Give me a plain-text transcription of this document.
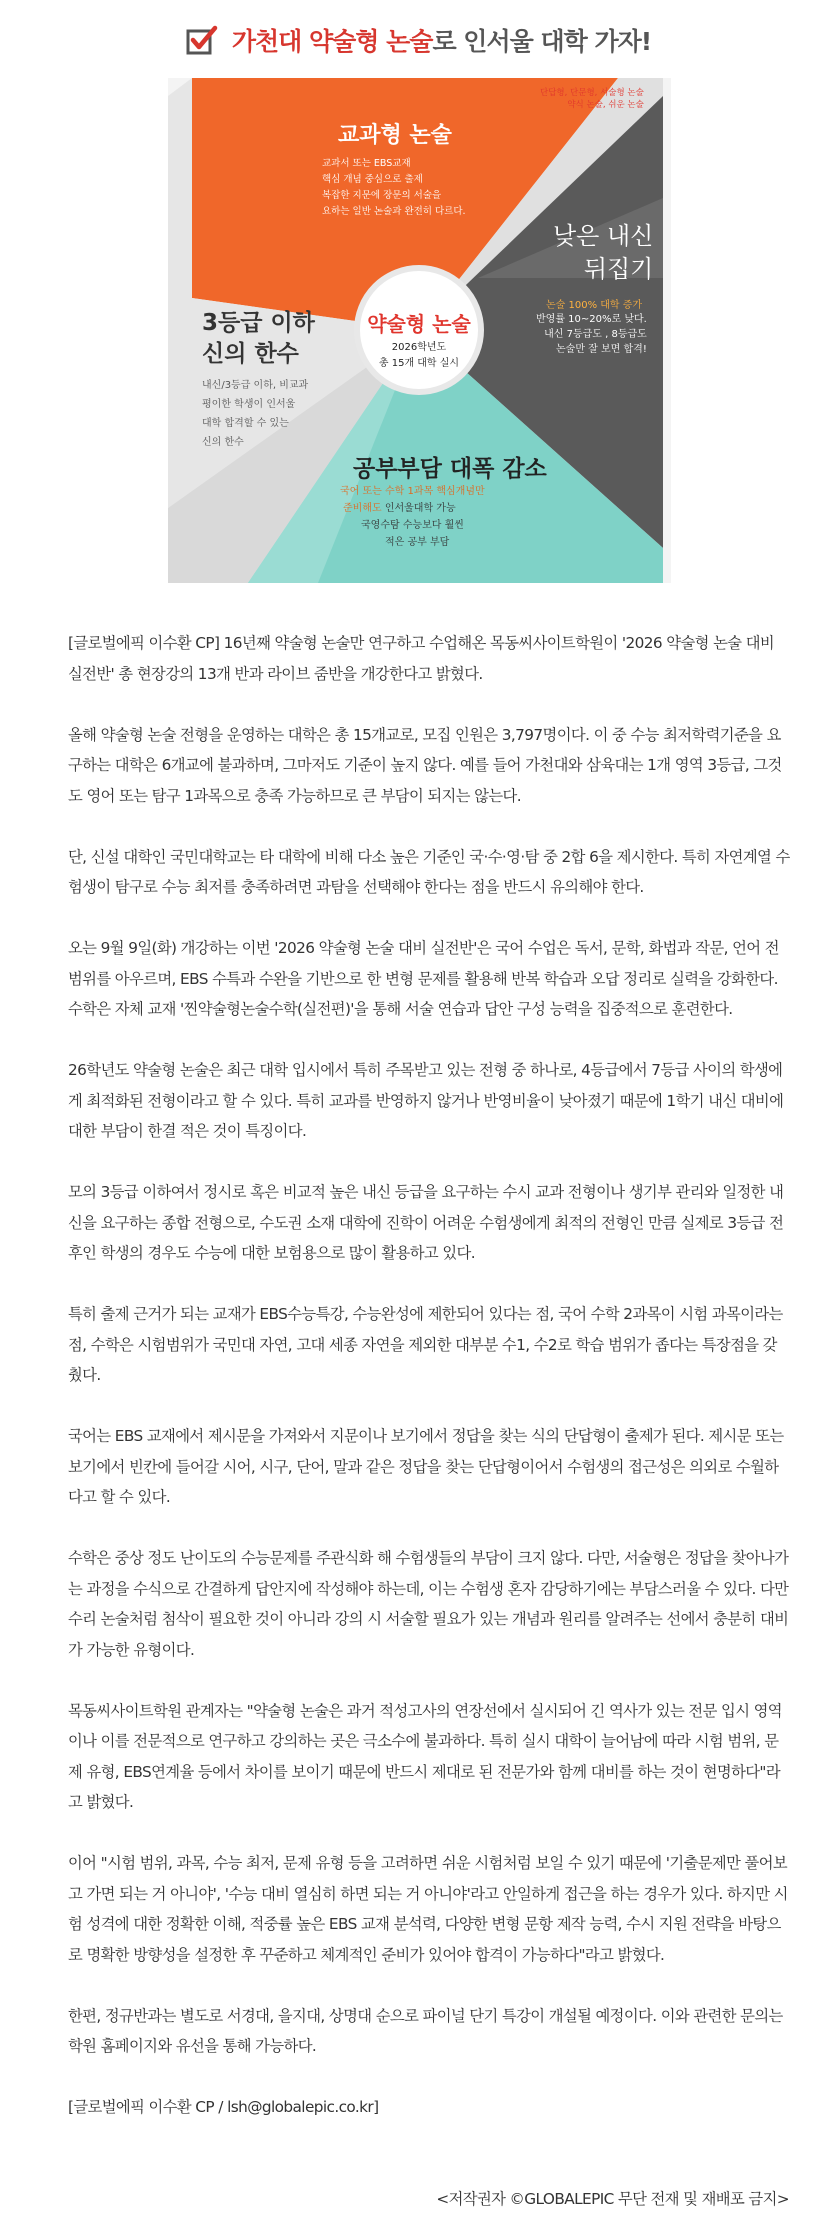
가천대 약술형 논술로 인서울 대학 가자!
단답형, 단문형, 서술형 논술
약식 논술, 쉬운 논술
교과형 논술
교과서 또는 EBS교재
핵심 개념 중심으로 출제
복잡한 지문에 장문의 서술을
요하는 일반 논술과 완전히 다르다.
낮은 내신
뒤집기
논술 100% 대학 증가
반영률 10~20%로 낮다.
내신 7등급도 , 8등급도
논술만 잘 보면 합격!
3등급 이하
신의 한수
내신/3등급 이하, 비교과
평이한 학생이 인서울
대학 합격할 수 있는
신의 한수
공부부담 대폭 감소
국어 또는 수학 1과목 핵심개념만
준비해도 인서울대학 가능
국영수탐 수능보다 훨씬
적은 공부 부담
약술형 논술
2026학년도
총 15개 대학 실시

[글로벌에픽 이수환 CP] 16년째 약술형 논술만 연구하고 수업해온 목동씨사이트학원이 '2026 약술형 논술 대비 실전반' 총 현장강의 13개 반과 라이브 줌반을 개강한다고 밝혔다.

올해 약술형 논술 전형을 운영하는 대학은 총 15개교로, 모집 인원은 3,797명이다. 이 중 수능 최저학력기준을 요구하는 대학은 6개교에 불과하며, 그마저도 기준이 높지 않다. 예를 들어 가천대와 삼육대는 1개 영역 3등급, 그것도 영어 또는 탐구 1과목으로 충족 가능하므로 큰 부담이 되지는 않는다.

단, 신설 대학인 국민대학교는 타 대학에 비해 다소 높은 기준인 국·수·영·탐 중 2합 6을 제시한다. 특히 자연계열 수험생이 탐구로 수능 최저를 충족하려면 과탐을 선택해야 한다는 점을 반드시 유의해야 한다.

오는 9월 9일(화) 개강하는 이번 '2026 약술형 논술 대비 실전반'은 국어 수업은 독서, 문학, 화법과 작문, 언어 전 범위를 아우르며, EBS 수특과 수완을 기반으로 한 변형 문제를 활용해 반복 학습과 오답 정리로 실력을 강화한다. 수학은 자체 교재 '찐약술형논술수학(실전편)'을 통해 서술 연습과 답안 구성 능력을 집중적으로 훈련한다.

26학년도 약술형 논술은 최근 대학 입시에서 특히 주목받고 있는 전형 중 하나로, 4등급에서 7등급 사이의 학생에게 최적화된 전형이라고 할 수 있다. 특히 교과를 반영하지 않거나 반영비율이 낮아졌기 때문에 1학기 내신 대비에 대한 부담이 한결 적은 것이 특징이다.

모의 3등급 이하여서 정시로 혹은 비교적 높은 내신 등급을 요구하는 수시 교과 전형이나 생기부 관리와 일정한 내신을 요구하는 종합 전형으로, 수도권 소재 대학에 진학이 어려운 수험생에게 최적의 전형인 만큼 실제로 3등급 전후인 학생의 경우도 수능에 대한 보험용으로 많이 활용하고 있다.

특히 출제 근거가 되는 교재가 EBS수능특강, 수능완성에 제한되어 있다는 점, 국어 수학 2과목이 시험 과목이라는 점, 수학은 시험범위가 국민대 자연, 고대 세종 자연을 제외한 대부분 수1, 수2로 학습 범위가 좁다는 특장점을 갖췄다.

국어는 EBS 교재에서 제시문을 가져와서 지문이나 보기에서 정답을 찾는 식의 단답형이 출제가 된다. 제시문 또는 보기에서 빈칸에 들어갈 시어, 시구, 단어, 말과 같은 정답을 찾는 단답형이어서 수험생의 접근성은 의외로 수월하다고 할 수 있다.

수학은 중상 정도 난이도의 수능문제를 주관식화 해 수험생들의 부담이 크지 않다. 다만, 서술형은 정답을 찾아나가는 과정을 수식으로 간결하게 답안지에 작성해야 하는데, 이는 수험생 혼자 감당하기에는 부담스러울 수 있다. 다만 수리 논술처럼 첨삭이 필요한 것이 아니라 강의 시 서술할 필요가 있는 개념과 원리를 알려주는 선에서 충분히 대비가 가능한 유형이다.

목동씨사이트학원 관계자는 "약술형 논술은 과거 적성고사의 연장선에서 실시되어 긴 역사가 있는 전문 입시 영역이나 이를 전문적으로 연구하고 강의하는 곳은 극소수에 불과하다. 특히 실시 대학이 늘어남에 따라 시험 범위, 문제 유형, EBS연계율 등에서 차이를 보이기 때문에 반드시 제대로 된 전문가와 함께 대비를 하는 것이 현명하다"라고 밝혔다.

이어 "시험 범위, 과목, 수능 최저, 문제 유형 등을 고려하면 쉬운 시험처럼 보일 수 있기 때문에 '기출문제만 풀어보고 가면 되는 거 아니야', '수능 대비 열심히 하면 되는 거 아니야'라고 안일하게 접근을 하는 경우가 있다. 하지만 시험 성격에 대한 정확한 이해, 적중률 높은 EBS 교재 분석력, 다양한 변형 문항 제작 능력, 수시 지원 전략을 바탕으로 명확한 방향성을 설정한 후 꾸준하고 체계적인 준비가 있어야 합격이 가능하다"라고 밝혔다.

한편, 정규반과는 별도로 서경대, 을지대, 상명대 순으로 파이널 단기 특강이 개설될 예정이다. 이와 관련한 문의는 학원 홈페이지와 유선을 통해 가능하다.

[글로벌에픽 이수환 CP / lsh@globalepic.co.kr]

<저작권자 ©GLOBALEPIC 무단 전재 및 재배포 금지>
